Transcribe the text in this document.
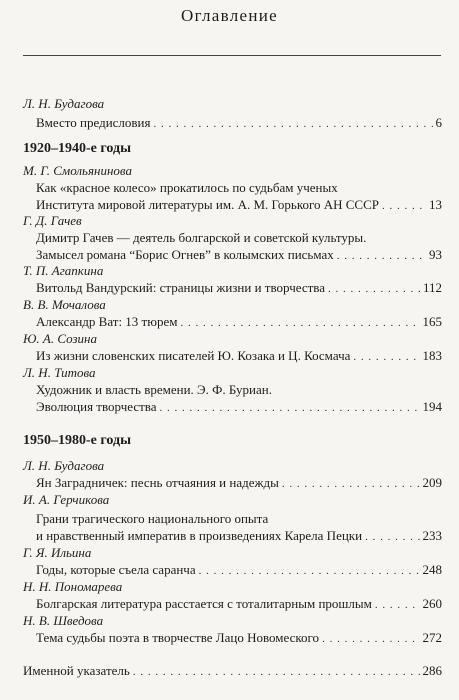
Оглавление
Л. Н. Будагова
Вместо предисловия . . .	6
1920–1940-е годы
М. Г. Смольянинова
Как «красное колесо» прокатилось по судьбам ученых
Института мировой литературы им. А. М. Горького АН СССР . . .	13
Г. Д. Гачев
Димитр Гачев — деятель болгарской и советской культуры.
Замысел романа “Борис Огнев” в колымских письмах . . .	93
Т. П. Агапкина
Витольд Вандурский: страницы жизни и творчества . . .	112
В. В. Мочалова
Александр Ват: 13 тюрем . . .	165
Ю. А. Созина
Из жизни словенских писателей Ю. Козака и Ц. Космача . . .	183
Л. Н. Титова
Художник и власть времени. Э. Ф. Буриан.
Эволюция творчества . . .	194
1950–1980-е годы
Л. Н. Будагова
Ян Заградничек: песнь отчаяния и надежды . . .	209
И. А. Герчикова
Грани трагического национального опыта
и нравственный императив в произведениях Карела Пецки . . .	233
Г. Я. Ильина
Годы, которые съела саранча . . .	248
Н. Н. Пономарева
Болгарская литература расстается с тоталитарным прошлым . . .	260
Н. В. Шведова
Тема судьбы поэта в творчестве Лацо Новомеского . . .	272
Именной указатель . . .	286
